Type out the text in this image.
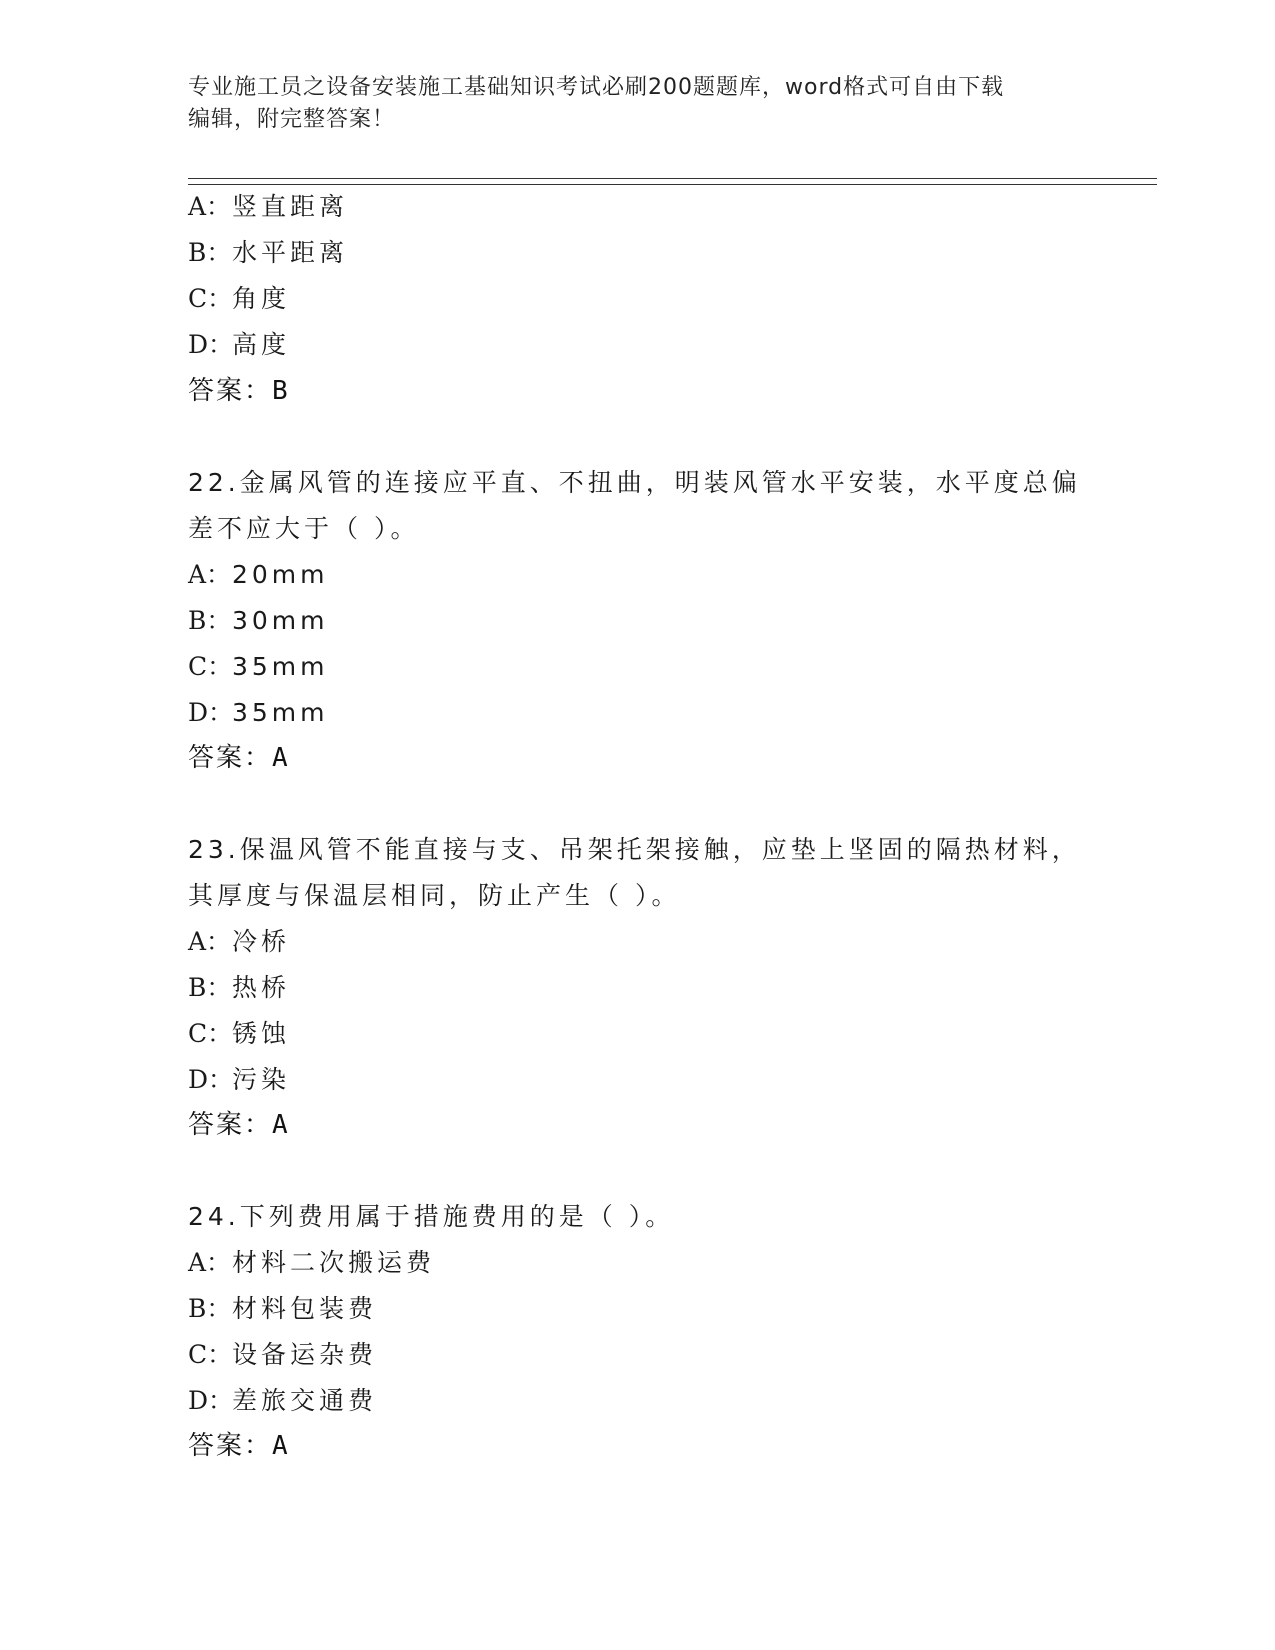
专业施工员之设备安装施工基础知识考试必刷200题题库，word格式可自由下载
编辑，附完整答案！
A：竖直距离
B：水平距离
C：角度
D：高度
答案：B
22.金属风管的连接应平直、不扭曲，明装风管水平安装，水平度总偏
差不应大于（ ）。
A：20mm
B：30mm
C：35mm
D：35mm
答案：A
23.保温风管不能直接与支、吊架托架接触，应垫上坚固的隔热材料，
其厚度与保温层相同，防止产生（ ）。
A：冷桥
B：热桥
C：锈蚀
D：污染
答案：A
24.下列费用属于措施费用的是（ ）。
A：材料二次搬运费
B：材料包装费
C：设备运杂费
D：差旅交通费
答案：A
